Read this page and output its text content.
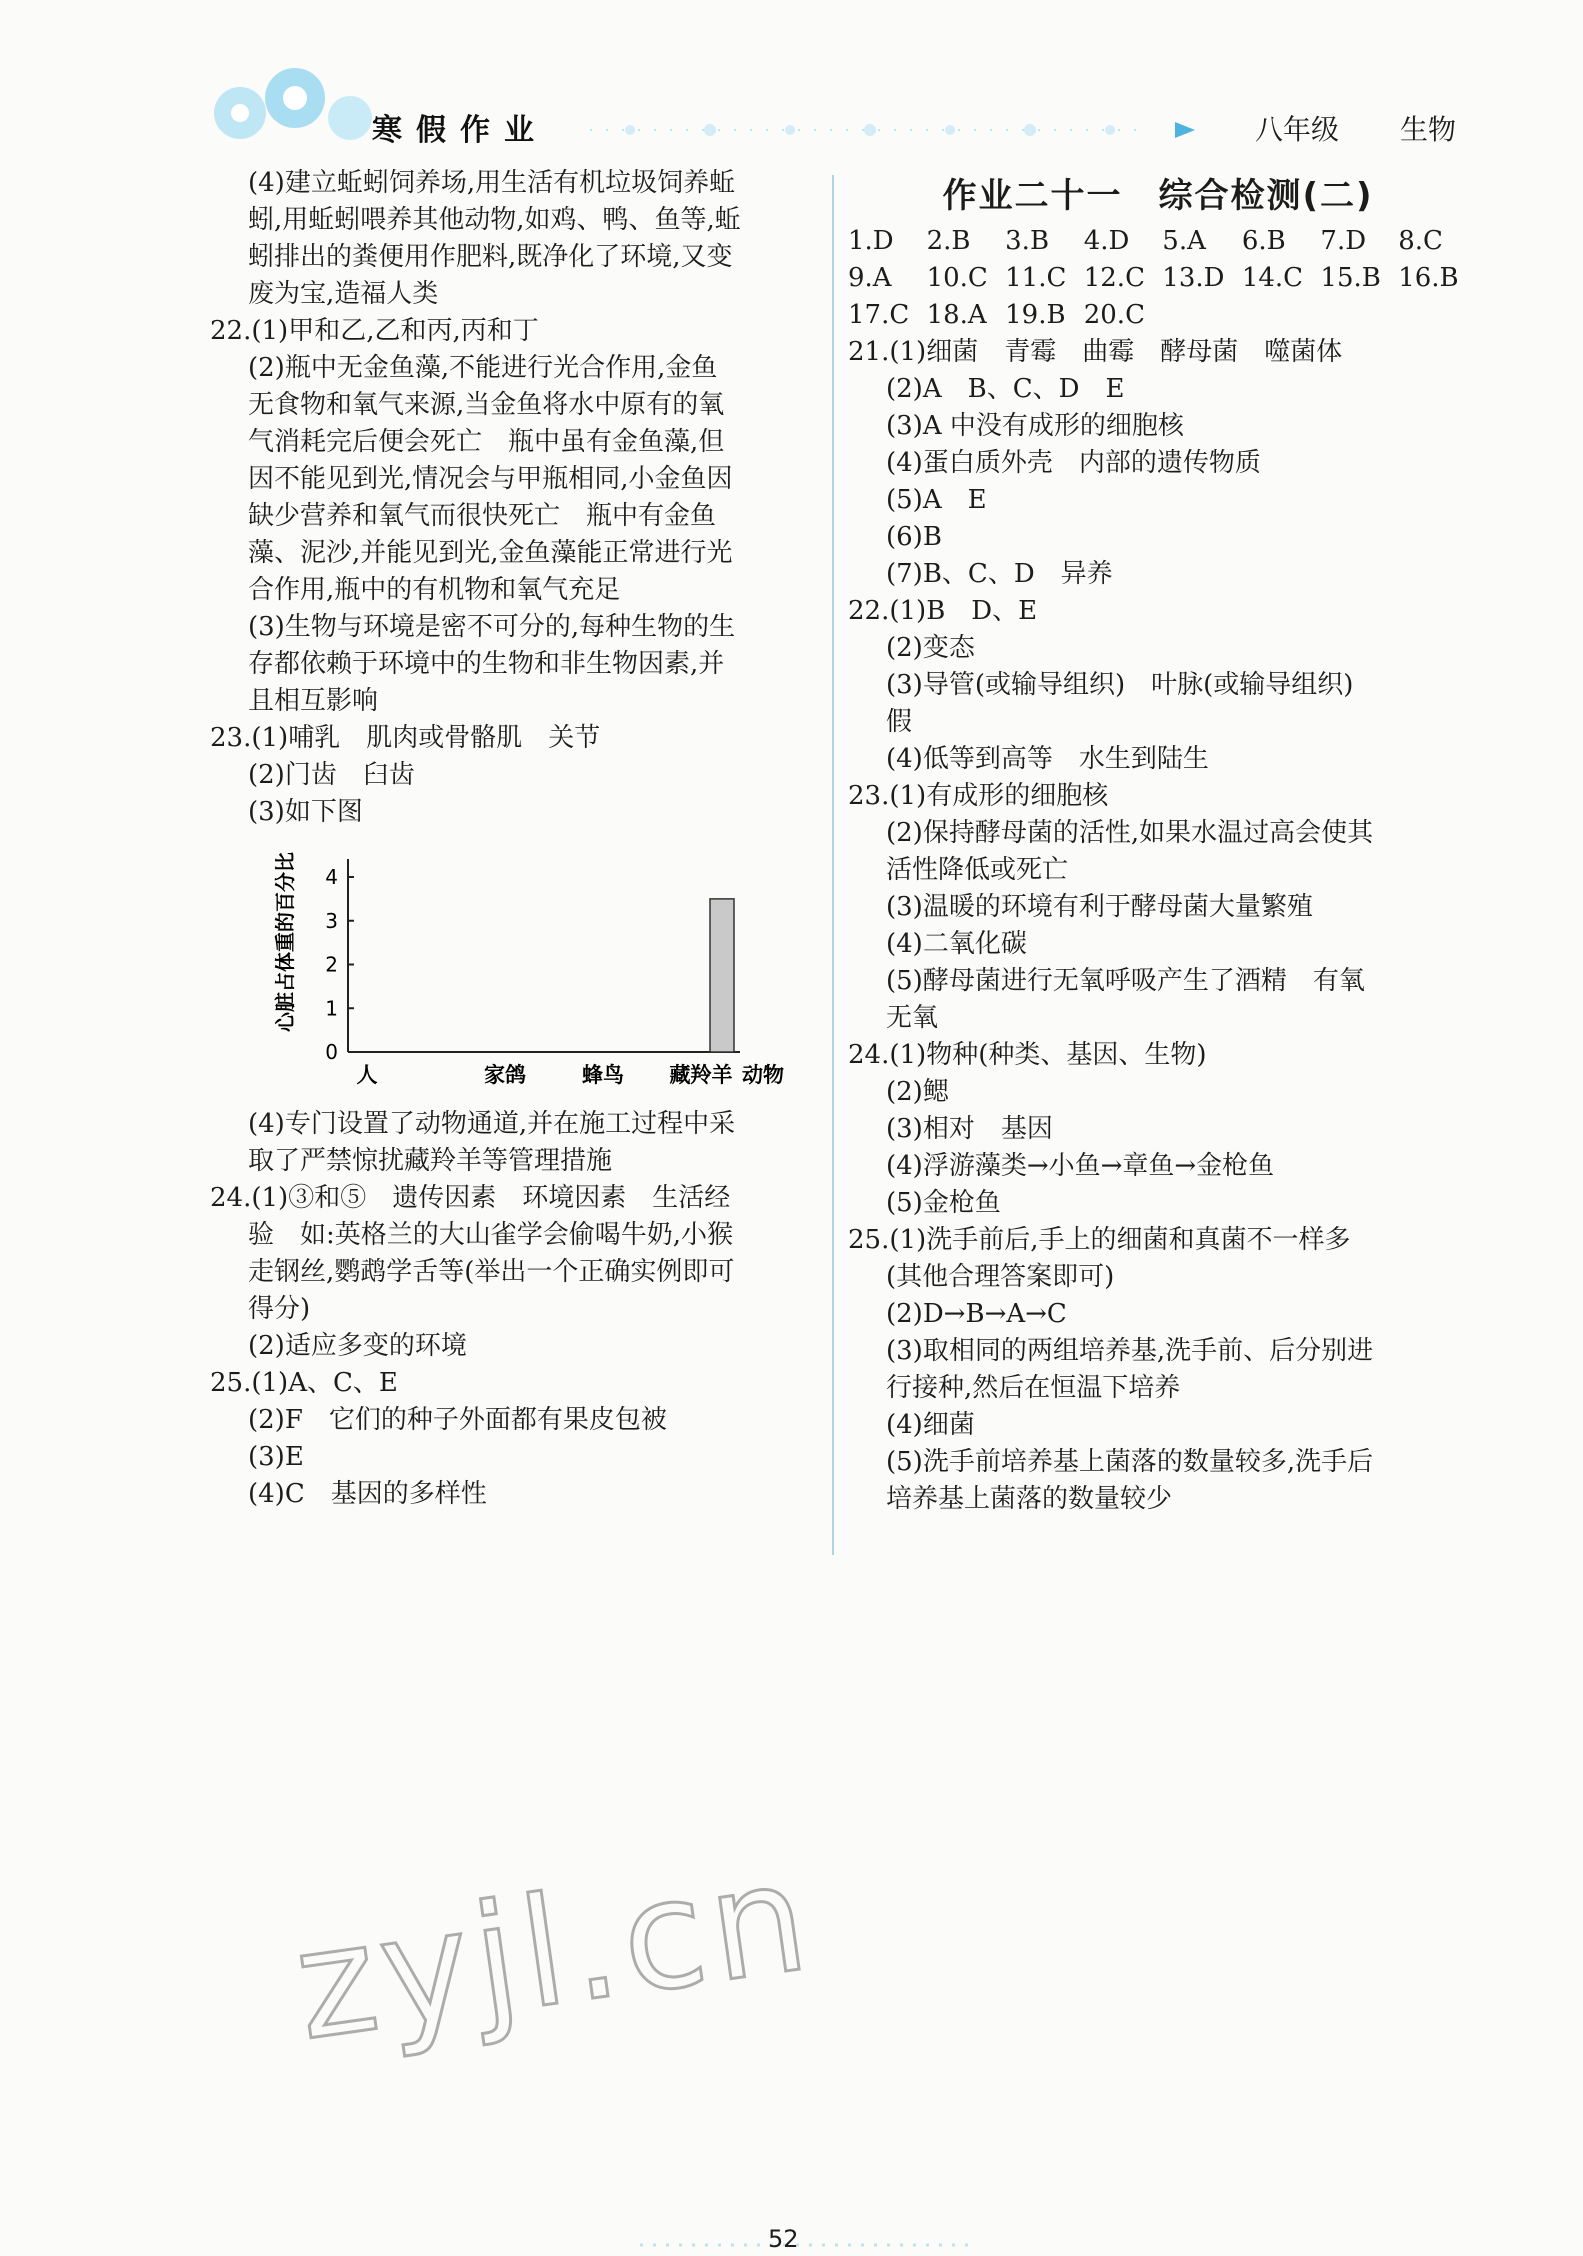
寒假作业	八年级 生物
(4)建立蚯蚓饲养场,用生活有机垃圾饲养蚯
蚓,用蚯蚓喂养其他动物,如鸡、鸭、鱼等,蚯
蚓排出的粪便用作肥料,既净化了环境,又变
废为宝,造福人类
22.(1)甲和乙,乙和丙,丙和丁
(2)瓶中无金鱼藻,不能进行光合作用,金鱼
无食物和氧气来源,当金鱼将水中原有的氧
气消耗完后便会死亡　瓶中虽有金鱼藻,但
因不能见到光,情况会与甲瓶相同,小金鱼因
缺少营养和氧气而很快死亡　瓶中有金鱼
藻、泥沙,并能见到光,金鱼藻能正常进行光
合作用,瓶中的有机物和氧气充足
(3)生物与环境是密不可分的,每种生物的生
存都依赖于环境中的生物和非生物因素,并
且相互影响
23.(1)哺乳　肌肉或骨骼肌　关节
(2)门齿　臼齿
(3)如下图
心脏占体重的百分比
0
1
2
3
4
人	家鸽	蜂鸟 藏羚羊 动物
(4)专门设置了动物通道,并在施工过程中采
取了严禁惊扰藏羚羊等管理措施
24.(1)③和⑤　遗传因素　环境因素　生活经
验　如:英格兰的大山雀学会偷喝牛奶,小猴
走钢丝,鹦鹉学舌等(举出一个正确实例即可
得分)
(2)适应多变的环境
25.(1)A、C、E
(2)F　它们的种子外面都有果皮包被
(3)E
(4)C　基因的多样性
作业二十一　综合检测(二)
1.D	2.B	3.B	4.D	5.A	6.B	7.D	8.C
9.A	10.C 11.C 12.C 13.D 14.C 15.B 16.B
17.C 18.A 19.B 20.C
21.(1)细菌　青霉　曲霉　酵母菌　噬菌体
(2)A　B、C、D　E
(3)A 中没有成形的细胞核
(4)蛋白质外壳　内部的遗传物质
(5)A　E
(6)B
(7)B、C、D　异养
22.(1)B　D、E
(2)变态
(3)导管(或输导组织)　叶脉(或输导组织)
假
(4)低等到高等　水生到陆生
23.(1)有成形的细胞核
(2)保持酵母菌的活性,如果水温过高会使其
活性降低或死亡
(3)温暖的环境有利于酵母菌大量繁殖
(4)二氧化碳
(5)酵母菌进行无氧呼吸产生了酒精　有氧
无氧
24.(1)物种(种类、基因、生物)
(2)鳃
(3)相对　基因
(4)浮游藻类→小鱼→章鱼→金枪鱼
(5)金枪鱼
25.(1)洗手前后,手上的细菌和真菌不一样多
(其他合理答案即可)
(2)D→B→A→C
(3)取相同的两组培养基,洗手前、后分别进
行接种,然后在恒温下培养
(4)细菌
(5)洗手前培养基上菌落的数量较多,洗手后
培养基上菌落的数量较少
zyjl.cn
52
